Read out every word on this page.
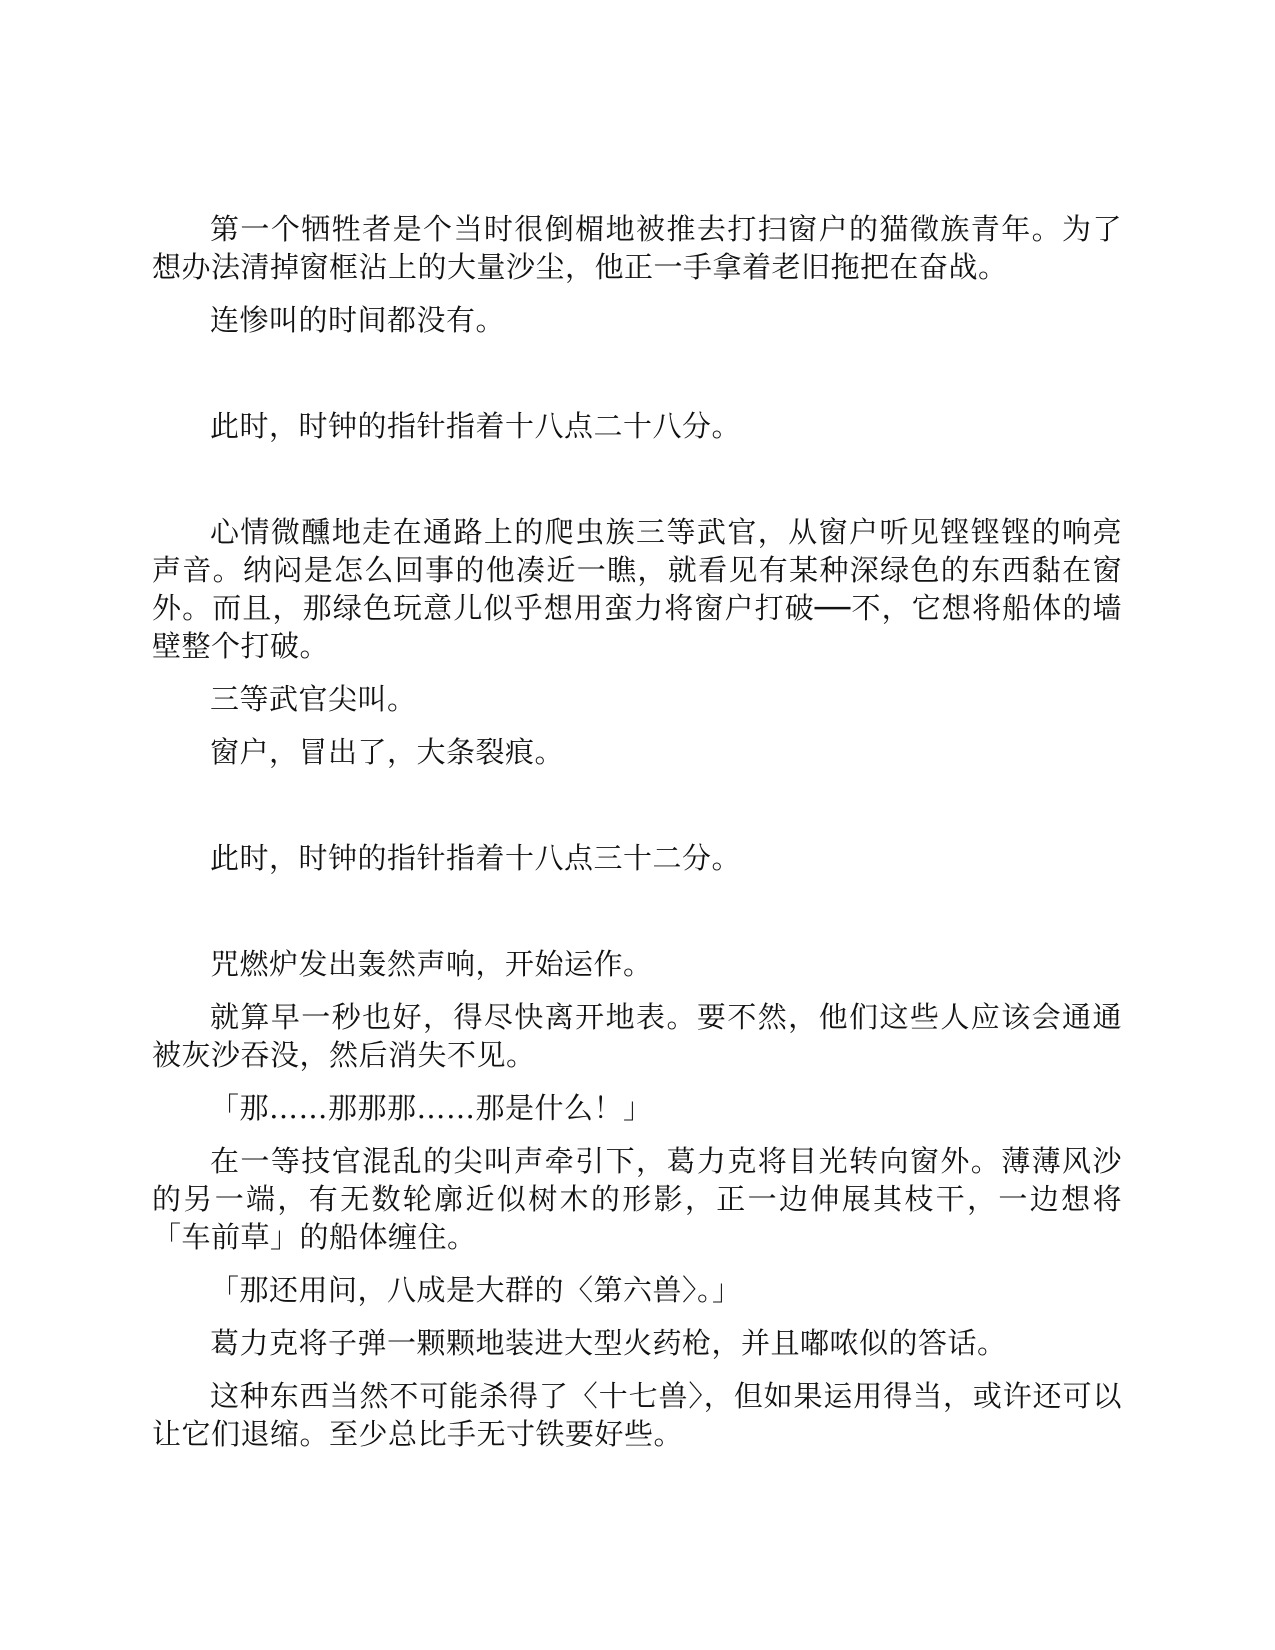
第一个牺牲者是个当时很倒楣地被推去打扫窗户的猫徵族青年。为了想办法清掉窗框沾上的大量沙尘，他正一手拿着老旧拖把在奋战。

连惨叫的时间都没有。

此时，时钟的指针指着十八点二十八分。

心情微醺地走在通路上的爬虫族三等武官，从窗户听见铿铿铿的响亮声音。纳闷是怎么回事的他凑近一瞧，就看见有某种深绿色的东西黏在窗外。而且，那绿色玩意儿似乎想用蛮力将窗户打破──不，它想将船体的墙壁整个打破。

三等武官尖叫。

窗户，冒出了，大条裂痕。

此时，时钟的指针指着十八点三十二分。

咒燃炉发出轰然声响，开始运作。

就算早一秒也好，得尽快离开地表。要不然，他们这些人应该会通通被灰沙吞没，然后消失不见。

「那……那那那……那是什么！」

在一等技官混乱的尖叫声牵引下，葛力克将目光转向窗外。薄薄风沙的另一端，有无数轮廓近似树木的形影，正一边伸展其枝干，一边想将「车前草」的船体缠住。

「那还用问，八成是大群的〈第六兽〉。」

葛力克将子弹一颗颗地装进大型火药枪，并且嘟哝似的答话。

这种东西当然不可能杀得了〈十七兽〉，但如果运用得当，或许还可以让它们退缩。至少总比手无寸铁要好些。
